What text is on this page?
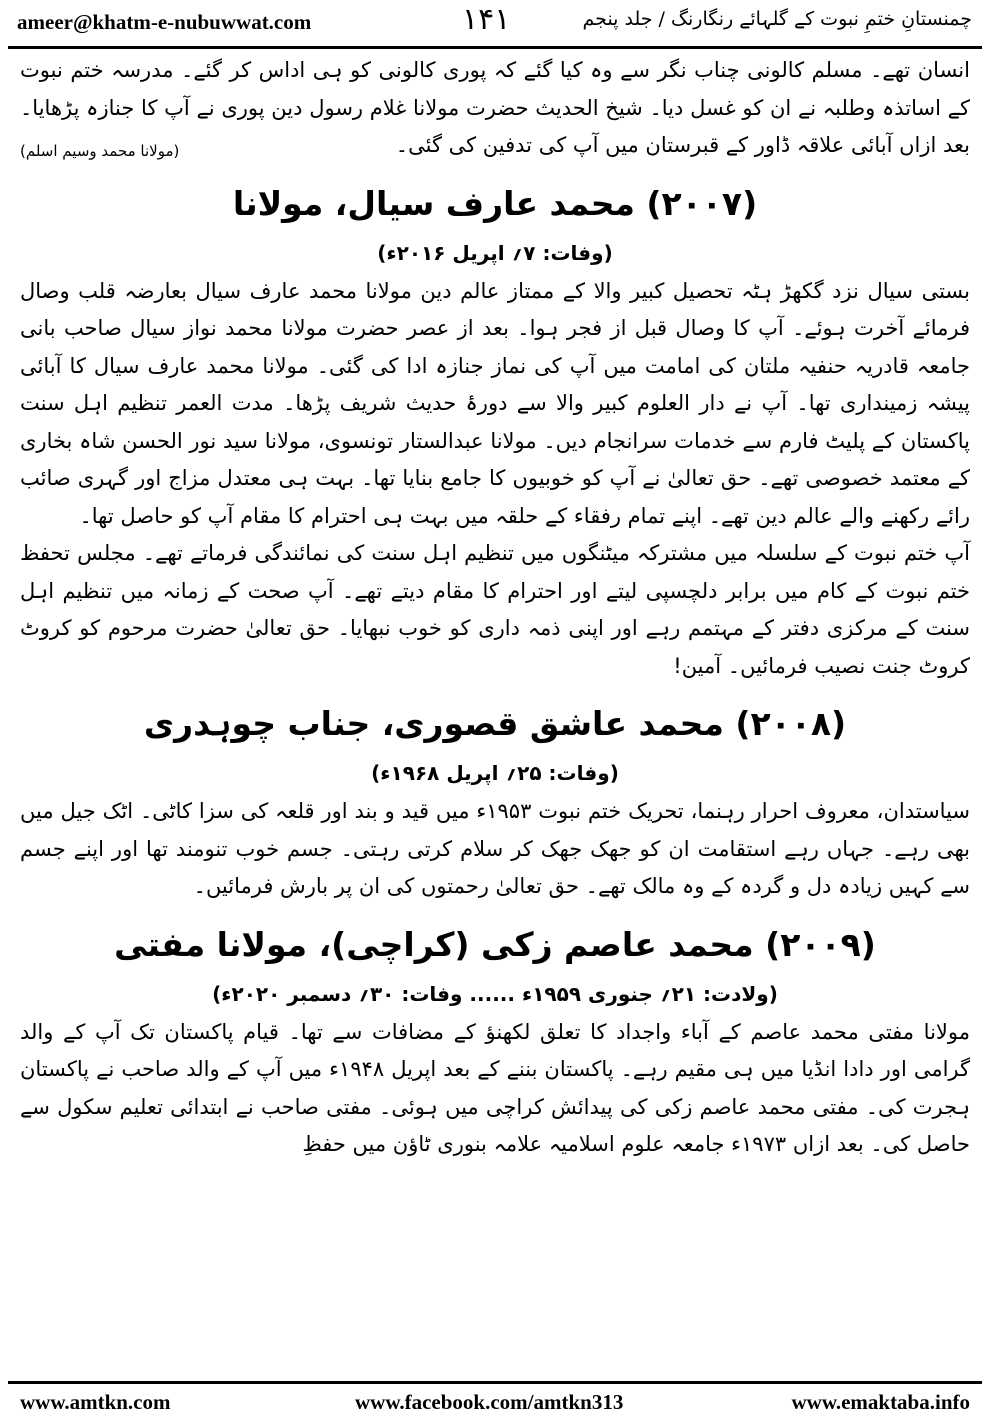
ameer@khatm-e-nubuwwat.com	۱۴۱	چمنستانِ ختمِ نبوت کے گلہائے رنگارنگ / جلد پنجم

انسان تھے۔ مسلم کالونی چناب نگر سے وہ کیا گئے کہ پوری کالونی کو ہی اداس کر گئے۔ مدرسہ ختم نبوت کے اساتذہ وطلبہ نے ان کو غسل دیا۔ شیخ الحدیث حضرت مولانا غلام رسول دین پوری نے آپ کا جنازہ پڑھایا۔ بعد ازاں آبائی علاقہ ڈاور کے قبرستان میں آپ کی تدفین کی گئی۔

(مولانا محمد وسیم اسلم)
(۲۰۰۷) محمد عارف سیال، مولانا
(وفات: ۷؍ اپریل ۲۰۱۶ء)

بستی سیال نزد گکھڑ ہٹہ تحصیل کبیر والا کے ممتاز عالم دین مولانا محمد عارف سیال بعارضہ قلب وصال فرمائے آخرت ہوئے۔ آپ کا وصال قبل از فجر ہوا۔ بعد از عصر حضرت مولانا محمد نواز سیال صاحب بانی جامعہ قادریہ حنفیہ ملتان کی امامت میں آپ کی نماز جنازہ ادا کی گئی۔ مولانا محمد عارف سیال کا آبائی پیشہ زمینداری تھا۔ آپ نے دار العلوم کبیر والا سے دورۂ حدیث شریف پڑھا۔ مدت العمر تنظیم اہل سنت پاکستان کے پلیٹ فارم سے خدمات سرانجام دیں۔ مولانا عبدالستار تونسوی، مولانا سید نور الحسن شاہ بخاری کے معتمد خصوصی تھے۔ حق تعالیٰ نے آپ کو خوبیوں کا جامع بنایا تھا۔ بہت ہی معتدل مزاج اور گہری صائب رائے رکھنے والے عالم دین تھے۔ اپنے تمام رفقاء کے حلقہ میں بہت ہی احترام کا مقام آپ کو حاصل تھا۔

آپ ختم نبوت کے سلسلہ میں مشترکہ میٹنگوں میں تنظیم اہل سنت کی نمائندگی فرماتے تھے۔ مجلس تحفظ ختم نبوت کے کام میں برابر دلچسپی لیتے اور احترام کا مقام دیتے تھے۔ آپ صحت کے زمانہ میں تنظیم اہل سنت کے مرکزی دفتر کے مہتمم رہے اور اپنی ذمہ داری کو خوب نبھایا۔ حق تعالیٰ حضرت مرحوم کو کروٹ کروٹ جنت نصیب فرمائیں۔ آمین!

(۲۰۰۸) محمد عاشق قصوری، جناب چوہدری
(وفات: ۲۵؍ اپریل ۱۹۶۸ء)

سیاستدان، معروف احرار رہنما، تحریک ختم نبوت ۱۹۵۳ء میں قید و بند اور قلعہ کی سزا کاٹی۔ اٹک جیل میں بھی رہے۔ جہاں رہے استقامت ان کو جھک جھک کر سلام کرتی رہتی۔ جسم خوب تنومند تھا اور اپنے جسم سے کہیں زیادہ دل و گردہ کے وہ مالک تھے۔ حق تعالیٰ رحمتوں کی ان پر بارش فرمائیں۔

(۲۰۰۹) محمد عاصم زکی (کراچی)، مولانا مفتی
(ولادت: ۲۱؍ جنوری ۱۹۵۹ء ...... وفات: ۳۰؍ دسمبر ۲۰۲۰ء)

مولانا مفتی محمد عاصم کے آباء واجداد کا تعلق لکھنؤ کے مضافات سے تھا۔ قیام پاکستان تک آپ کے والد گرامی اور دادا انڈیا میں ہی مقیم رہے۔ پاکستان بننے کے بعد اپریل ۱۹۴۸ء میں آپ کے والد صاحب نے پاکستان ہجرت کی۔ مفتی محمد عاصم زکی کی پیدائش کراچی میں ہوئی۔ مفتی صاحب نے ابتدائی تعلیم سکول سے حاصل کی۔ بعد ازاں ۱۹۷۳ء جامعہ علوم اسلامیہ علامہ بنوری ٹاؤن میں حفظِ

www.amtkn.com	www.facebook.com/amtkn313	www.emaktaba.info
